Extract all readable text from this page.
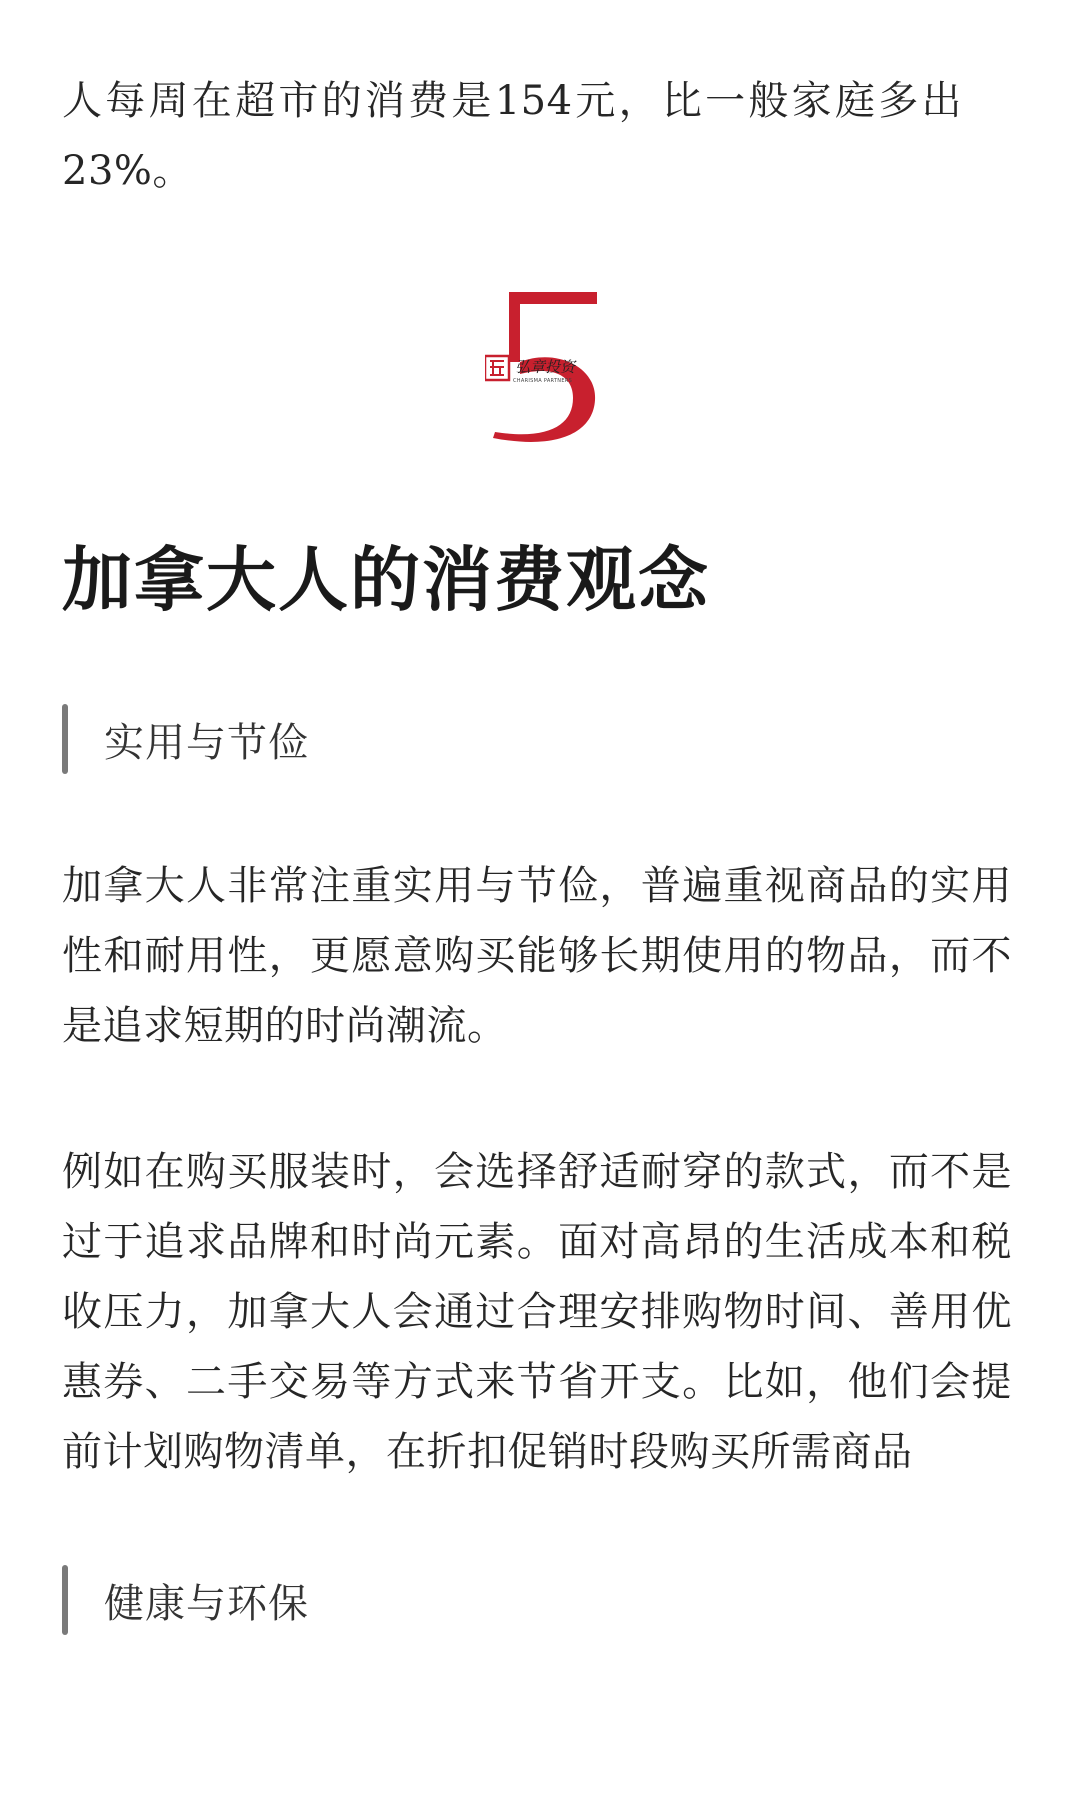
人每周在超市的消费是154元，比一般家庭多出23%。

弘章投资
CHARISMA PARTNERS
加拿大人的消费观念
实用与节俭

加拿大人非常注重实用与节俭，普遍重视商品的实用性和耐用性，更愿意购买能够长期使用的物品，而不是追求短期的时尚潮流。

例如在购买服装时，会选择舒适耐穿的款式，而不是过于追求品牌和时尚元素。面对高昂的生活成本和税收压力，加拿大人会通过合理安排购物时间、善用优惠券、二手交易等方式来节省开支。比如，他们会提前计划购物清单，在折扣促销时段购买所需商品

健康与环保
